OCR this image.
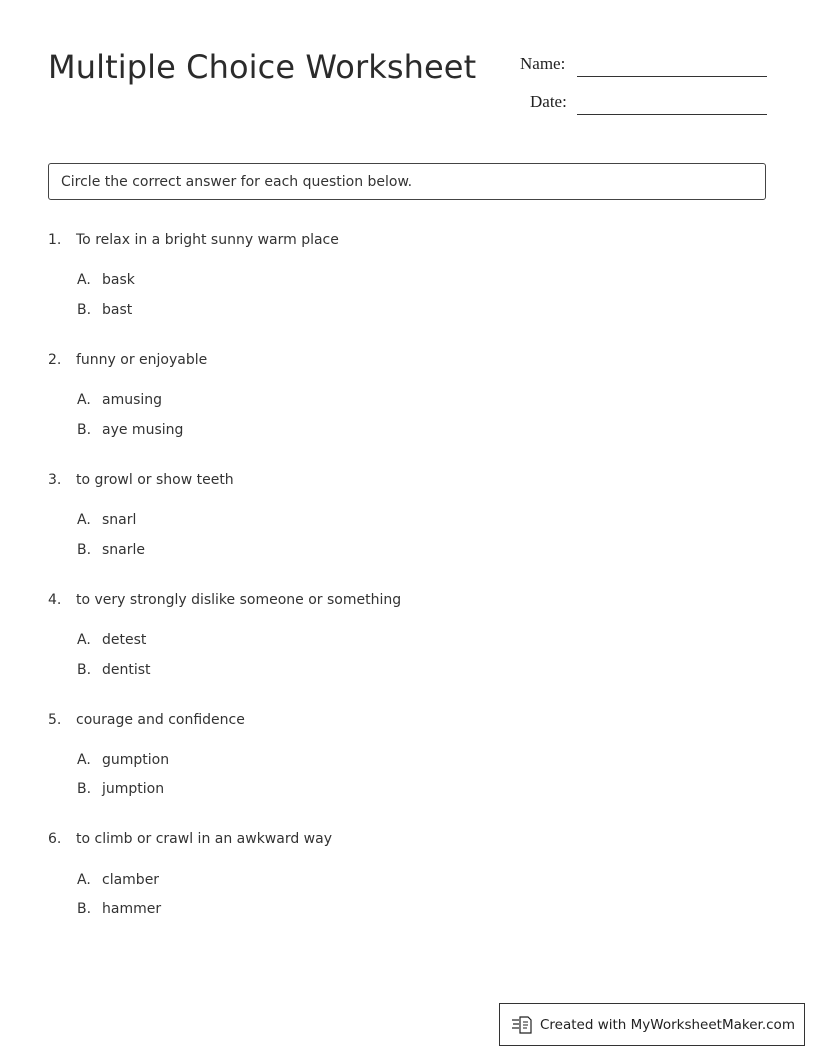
Multiple Choice Worksheet	Name:
Date:
Circle the correct answer for each question below.
1. To relax in a bright sunny warm place
A. bask
B. bast
2. funny or enjoyable
A. amusing
B. aye musing
3. to growl or show teeth
A. snarl
B. snarle
4. to very strongly dislike someone or something
A. detest
B. dentist
5. courage and confidence
A. gumption
B. jumption
6. to climb or crawl in an awkward way
A. clamber
B. hammer
Created with MyWorksheetMaker.com
